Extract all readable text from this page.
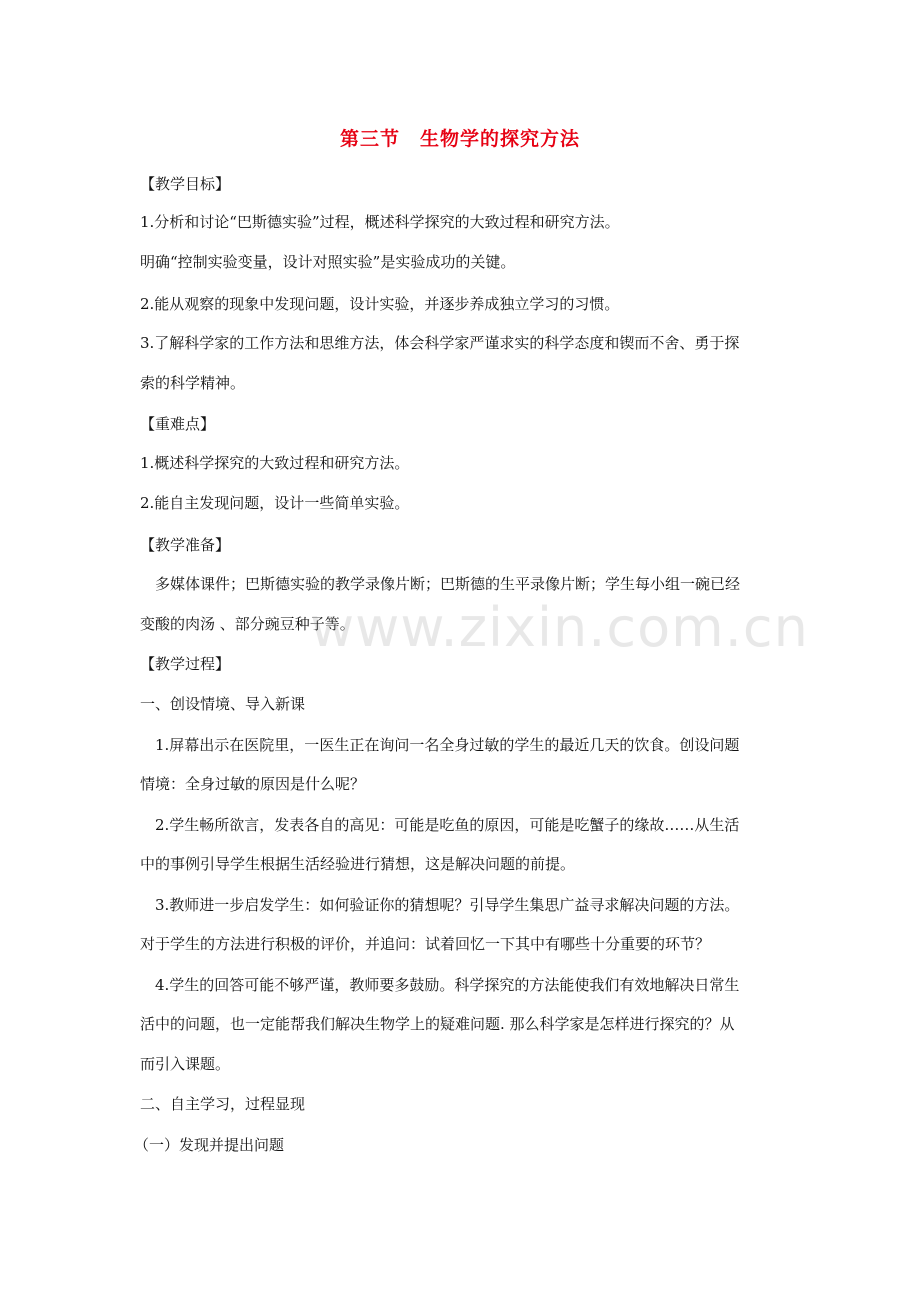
第三节　生物学的探究方法
【教学目标】
1.分析和讨论“巴斯德实验”过程，概述科学探究的大致过程和研究方法。
明确“控制实验变量，设计对照实验”是实验成功的关键。
2.能从观察的现象中发现问题，设计实验，并逐步养成独立学习的习惯。
3.了解科学家的工作方法和思维方法，体会科学家严谨求实的科学态度和锲而不舍、勇于探
索的科学精神。
【重难点】
1.概述科学探究的大致过程和研究方法。
2.能自主发现问题，设计一些简单实验。
【教学准备】
多媒体课件；巴斯德实验的教学录像片断；巴斯德的生平录像片断；学生每小组一碗已经
变酸的肉汤 、部分豌豆种子等。
【教学过程】
一、创设情境、导入新课
1.屏幕出示在医院里，一医生正在询问一名全身过敏的学生的最近几天的饮食。创设问题
情境：全身过敏的原因是什么呢？
2.学生畅所欲言，发表各自的高见：可能是吃鱼的原因，可能是吃蟹子的缘故……从生活
中的事例引导学生根据生活经验进行猜想，这是解决问题的前提。
3.教师进一步启发学生：如何验证你的猜想呢？引导学生集思广益寻求解决问题的方法。
对于学生的方法进行积极的评价，并追问：试着回忆一下其中有哪些十分重要的环节？
4.学生的回答可能不够严谨，教师要多鼓励。科学探究的方法能使我们有效地解决日常生
活中的问题，也一定能帮我们解决生物学上的疑难问题. 那么科学家是怎样进行探究的？从
而引入课题。
二、自主学习，过程显现
（一）发现并提出问题
www.zixin.com.cn
